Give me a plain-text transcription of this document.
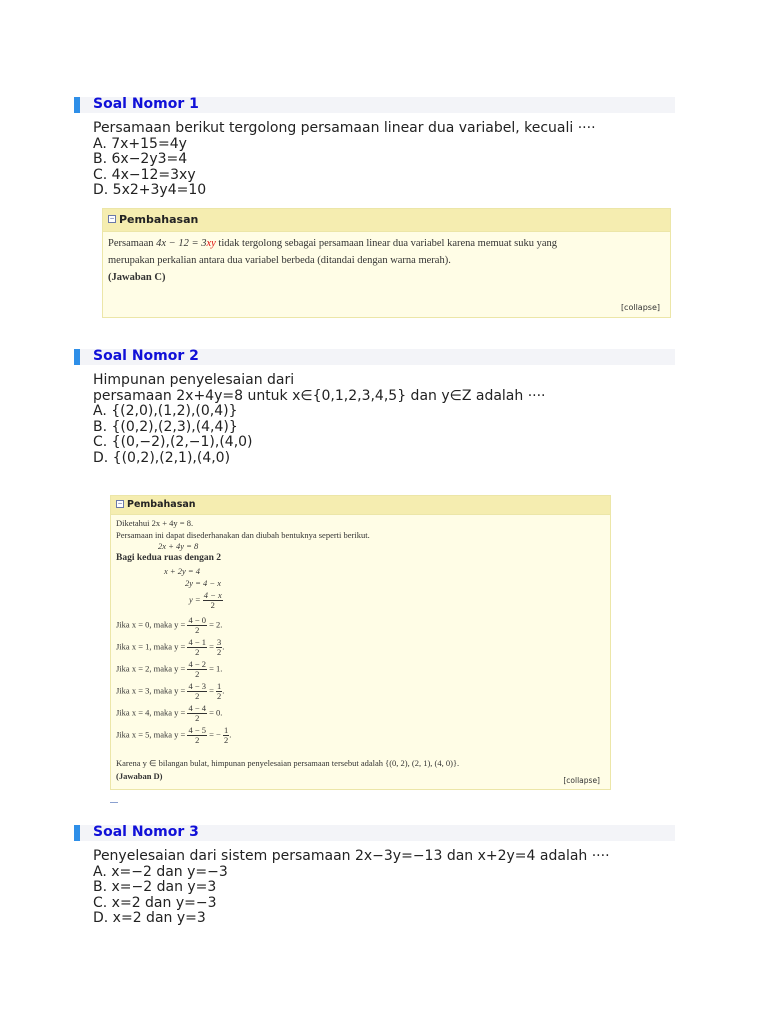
Soal Nomor 1
Persamaan berikut tergolong persamaan linear dua variabel, kecuali ····
A. 7x+15=4y
B. 6x−2y3=4
C. 4x−12=3xy
D. 5x2+3y4=10
− Pembahasan
Persamaan 4x − 12 = 3xy tidak tergolong sebagai persamaan linear dua variabel karena memuat suku yang
merupakan perkalian antara dua variabel berbeda (ditandai dengan warna merah).
(Jawaban C)
[collapse]
Soal Nomor 2
Himpunan penyelesaian dari
persamaan 2x+4y=8 untuk x∈{0,1,2,3,4,5} dan y∈Z adalah ····
A. {(2,0),(1,2),(0,4)}
B. {(0,2),(2,3),(4,4)}
C. {(0,−2),(2,−1),(4,0)
D. {(0,2),(2,1),(4,0)
− Pembahasan
Diketahui 2x + 4y = 8.
Persamaan ini dapat disederhanakan dan diubah bentuknya seperti berikut.
2x + 4y = 8
Bagi kedua ruas dengan 2
x + 2y = 4
2y = 4 − x
$y = \frac{4 - x}{2}$
Jika x = 0, maka $y = \frac{4 - 0}{2} = 2$.
Jika x = 1, maka $y = \frac{4 - 1}{2} = \frac{3}{2}$ .
Jika x = 2, maka $y = \frac{4 - 2}{2} = 1$.
Jika x = 3, maka $y = \frac{4 - 3}{2} = \frac{1}{2}$ .
Jika x = 4, maka $y = \frac{4 - 4}{2} = 0$.
Jika x = 5, maka $y = \frac{4 - 5}{2}$ = − $\frac{1}{2}$ .
Karena y ∈ bilangan bulat, himpunan penyelesaian persamaan tersebut adalah {(0, 2), (2, 1), (4, 0)}.
(Jawaban D)	[collapse]
Soal Nomor 3
Penyelesaian dari sistem persamaan 2x−3y=−13 dan x+2y=4 adalah ····
A. x=−2 dan y=−3
B. x=−2 dan y=3
C. x=2 dan y=−3
D. x=2 dan y=3
